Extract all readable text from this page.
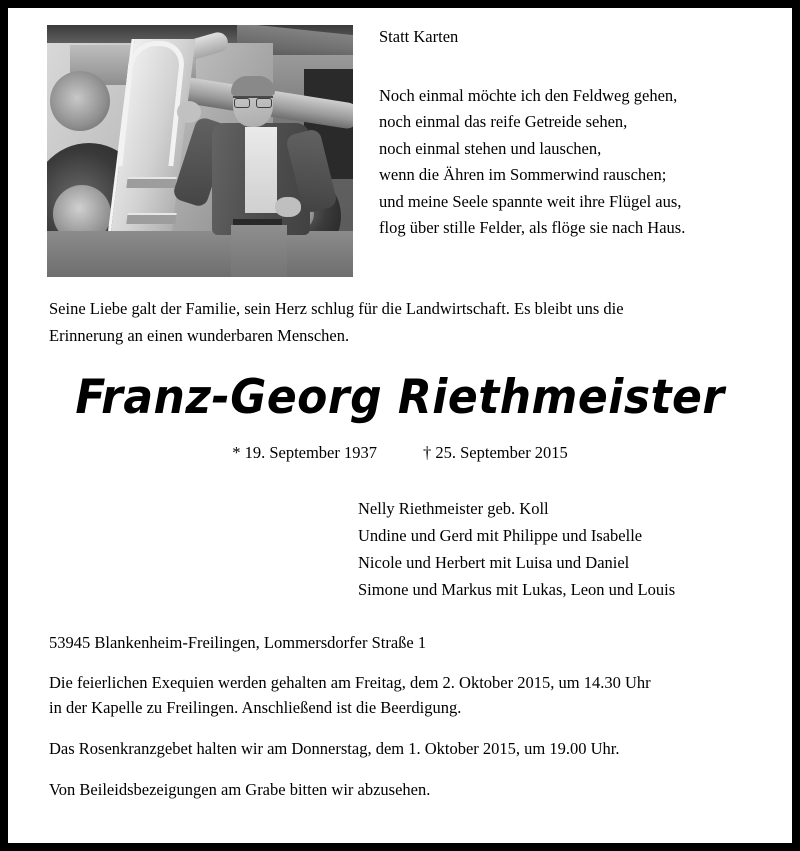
Statt Karten

Noch einmal möchte ich den Feldweg gehen,

noch einmal das reife Getreide sehen,

noch einmal stehen und lauschen,

wenn die Ähren im Sommerwind rauschen;

und meine Seele spannte weit ihre Flügel aus,

flog über stille Felder, als flöge sie nach Haus.

Seine Liebe galt der Familie, sein Herz schlug für die Landwirtschaft. Es bleibt uns die
Erinnerung an einen wunderbaren Menschen.
Franz-Georg Riethmeister
* 19. September 1937	† 25. September 2015
Nelly Riethmeister geb. Koll
Undine und Gerd mit Philippe und Isabelle
Nicole und Herbert mit Luisa und Daniel
Simone und Markus mit Lukas, Leon und Louis
53945 Blankenheim-Freilingen, Lommersdorfer Straße 1
Die feierlichen Exequien werden gehalten am Freitag, dem 2. Oktober 2015, um 14.30 Uhr
in der Kapelle zu Freilingen. Anschließend ist die Beerdigung.
Das Rosenkranzgebet halten wir am Donnerstag, dem 1. Oktober 2015, um 19.00 Uhr.
Von Beileidsbezeigungen am Grabe bitten wir abzusehen.
